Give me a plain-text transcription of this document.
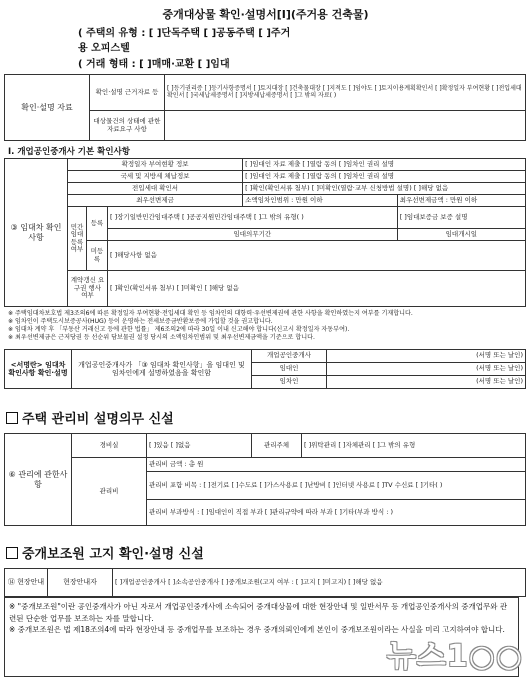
중개대상물 확인·설명서[Ⅰ](주거용 건축물)
( 주택의 유형 : [ ]단독주택 [ ]공동주택 [ ]주거
용 오피스텔
( 거래 형태 : [ ]매매·교환 [ ]임대
확인·설명 자료	확인·설명 근거자료 등	[ ]등기권리증 [ ]등기사항증명서 [ ]토지대장 [ ]건축물대장 [ ]지적도 [ ]임야도 [ ]토지이용계획확인서 [ ]확정일자 부여현황 [ ]전입세대확인서 [ ]국세납세증명서 [ ]지방세납세증명서 [ ]그 밖의 자료( )
	대상물건의 상태에 관한 자료요구 사항	
Ⅰ. 개업공인중개사 기본 확인사항
③ 임대차 확인사항	확정일자 부여현황 정보			[ ]임대인 자료 제출 [ ]열람 동의 [ ]임차인 권리 설명	
	국세 및 지방세 체납정보			[ ]임대인 자료 제출 [ ]열람 동의 [ ]임차인 권리 설명	
	전입세대 확인서			[ ]확인(확인서류 첨부) [ ]미확인(열람·교부 신청방법 설명) [ ]해당 없음	
	최우선변제금			소액임차인범위 : 만원 이하	최우선변제금액 : 만원 이하
	민간임대등록여부	등록	[ ]장기일반민간임대주택 [ ]공공지원민간임대주택 [ ]그 밖의 유형( )		[ ]임대보증금 보증 설명
			임대의무기간		임대개시일
		미등록	[ ]해당사항 없음		
	계약갱신 요구권 행사 여부		[ ]확인(확인서류 첨부) [ ]미확인 [ ]해당 없음		
※ 주택임대차보호법 제3조의6에 따른 확정일자 부여현황·전입세대 확인 등 임차인의 대항력·우선변제권에 관한 사항을 확인하였는지 여부를 기재합니다.
※ 임차인이 주택도시보증공사(HUG) 등이 운영하는 전세보증금반환보증에 가입할 것을 권고합니다.
※ 임대차 계약 후 「부동산 거래신고 등에 관한 법률」 제6조의2에 따라 30일 이내 신고해야 합니다(신고시 확정일자 자동부여).
※ 최우선변제금은 근저당권 등 선순위 담보물권 설정 당시의 소액임차인범위 및 최우선변제금액을 기준으로 합니다.
<서명란> 임대차 확인사항 확인·설명	개업공인중개사가 「③ 임대차 확인사항」을 임대인 및 임차인에게 설명하였음을 확인함	개업공인중개사	(서명 또는 날인)
		임대인	(서명 또는 날인)
		임차인	(서명 또는 날인)
주택 관리비 설명의무 신설
⑥ 관리에 관한사항	경비실	[ ]있음 [ ]없음	관리주체	[ ]위탁관리 [ ]자체관리 [ ]그 밖의 유형
	관리비	관리비 금액 : 총 원		
		관리비 포함 비목 : [ ]전기료 [ ]수도료 [ ]가스사용료 [ ]난방비 [ ]인터넷 사용료 [ ]TV 수신료 [ ]기타( )		
		관리비 부과방식 : [ ]임대인이 직접 부과 [ ]관리규약에 따라 부과 [ ]기타(부과 방식 : )		
중개보조원 고지 확인·설명 신설
⑭ 현장안내	현장안내자	[ ]개업공인중개사 [ ]소속공인중개사 [ ]중개보조원(고지 여부 : [ ]고지 [ ]미고지) [ ]해당 없음
※ "중개보조원"이란 공인중개사가 아닌 자로서 개업공인중개사에 소속되어 중개대상물에 대한 현장안내 및 일반서무 등 개업공인중개사의 중개업무와 관련된 단순한 업무를 보조하는 자를 말합니다.
※ 중개보조원은 법 제18조의4에 따라 현장안내 등 중개업무를 보조하는 경우 중개의뢰인에게 본인이 중개보조원이라는 사실을 미리 고지하여야 합니다.
뉴스1○○
